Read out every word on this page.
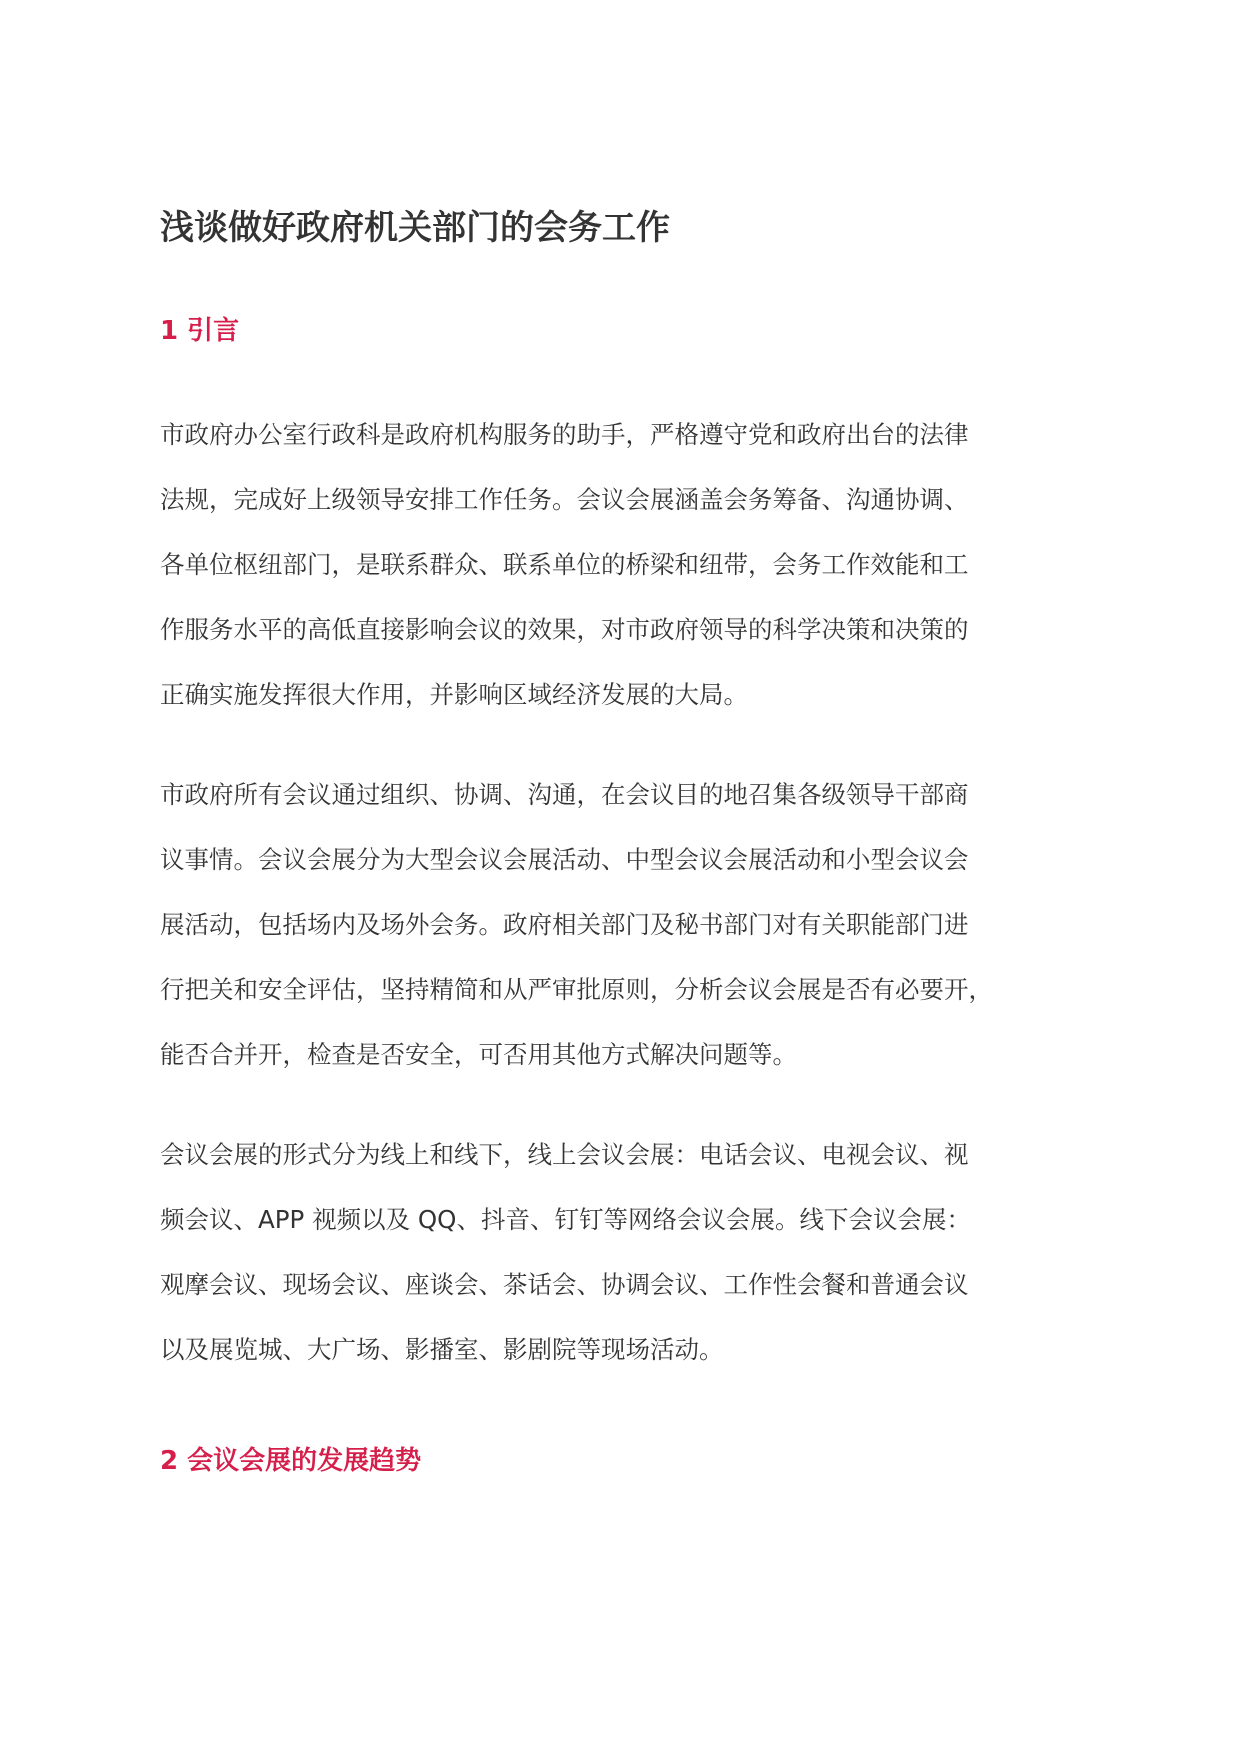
浅谈做好政府机关部门的会务工作
1 引言

市政府办公室行政科是政府机构服务的助手，严格遵守党和政府出台的法律
法规，完成好上级领导安排工作任务。会议会展涵盖会务筹备、沟通协调、
各单位枢纽部门，是联系群众、联系单位的桥梁和纽带，会务工作效能和工
作服务水平的高低直接影响会议的效果，对市政府领导的科学决策和决策的
正确实施发挥很大作用，并影响区域经济发展的大局。

市政府所有会议通过组织、协调、沟通，在会议目的地召集各级领导干部商
议事情。会议会展分为大型会议会展活动、中型会议会展活动和小型会议会
展活动，包括场内及场外会务。政府相关部门及秘书部门对有关职能部门进
行把关和安全评估，坚持精简和从严审批原则，分析会议会展是否有必要开，
能否合并开，检查是否安全，可否用其他方式解决问题等。

会议会展的形式分为线上和线下，线上会议会展：电话会议、电视会议、视
频会议、APP 视频以及 QQ、抖音、钉钉等网络会议会展。线下会议会展：
观摩会议、现场会议、座谈会、茶话会、协调会议、工作性会餐和普通会议
以及展览城、大广场、影播室、影剧院等现场活动。

2 会议会展的发展趋势
